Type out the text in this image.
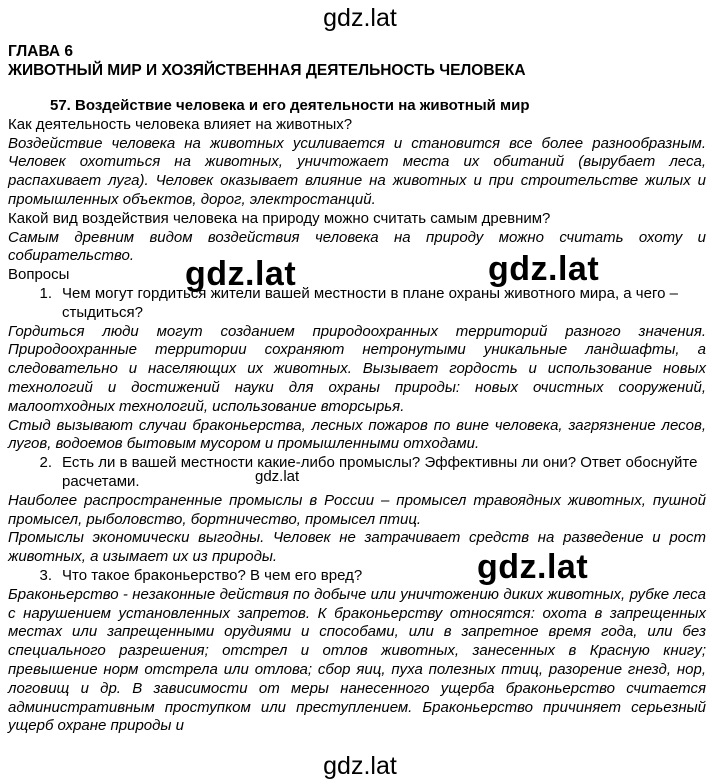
gdz.lat
ГЛАВА 6
ЖИВОТНЫЙ МИР И ХОЗЯЙСТВЕННАЯ ДЕЯТЕЛЬНОСТЬ ЧЕЛОВЕКА
57. Воздействие человека и его деятельности на животный мир
Как деятельность человека влияет на животных?
Воздействие человека на животных усиливается и становится все более разнообразным. Человек охотиться на животных, уничтожает места их обитаний (вырубает леса, распахивает луга). Человек оказывает влияние на животных и при строительстве жилых и промышленных объектов, дорог, электростанций.
Какой вид воздействия человека на природу можно считать самым древним?
Самым древним видом воздействия человека на природу можно считать охоту и собирательство.
Вопросы
1. Чем могут гордиться жители вашей местности в плане охраны животного мира, а чего – стыдиться?
Гордиться люди могут созданием природоохранных территорий разного значения. Природоохранные территории сохраняют нетронутыми уникальные ландшафты, а следовательно и населяющих их животных. Вызывает гордость и использование новых технологий и достижений науки для охраны природы: новых очистных сооружений, малоотходных технологий, использование вторсырья.
Стыд вызывают случаи браконьерства, лесных пожаров по вине человека, загрязнение лесов, лугов, водоемов бытовым мусором и промышленными отходами.
2. Есть ли в вашей местности какие-либо промыслы? Эффективны ли они? Ответ обоснуйте расчетами.
Наиболее распространенные промыслы в России – промысел травоядных животных, пушной промысел, рыболовство, бортничество, промысел птиц.
Промыслы экономически выгодны. Человек не затрачивает средств на разведение и рост животных, а изымает их из природы.
3. Что такое браконьерство? В чем его вред?
Браконьерство - незаконные действия по добыче или уничтожению диких животных, рубке леса с нарушением установленных запретов. К браконьерству относятся: охота в запрещенных местах или запрещенными орудиями и способами, или в запретное время года, или без специального разрешения; отстрел и отлов животных, занесенных в Красную книгу; превышение норм отстрела или отлова; сбор яиц, пуха полезных птиц, разорение гнезд, нор, логовищ и др. В зависимости от меры нанесенного ущерба браконьерство считается административным проступком или преступлением. Браконьерство причиняет серьезный ущерб охране природы и
gdz.lat	gdz.lat
gdz.lat
gdz.lat
gdz.lat
